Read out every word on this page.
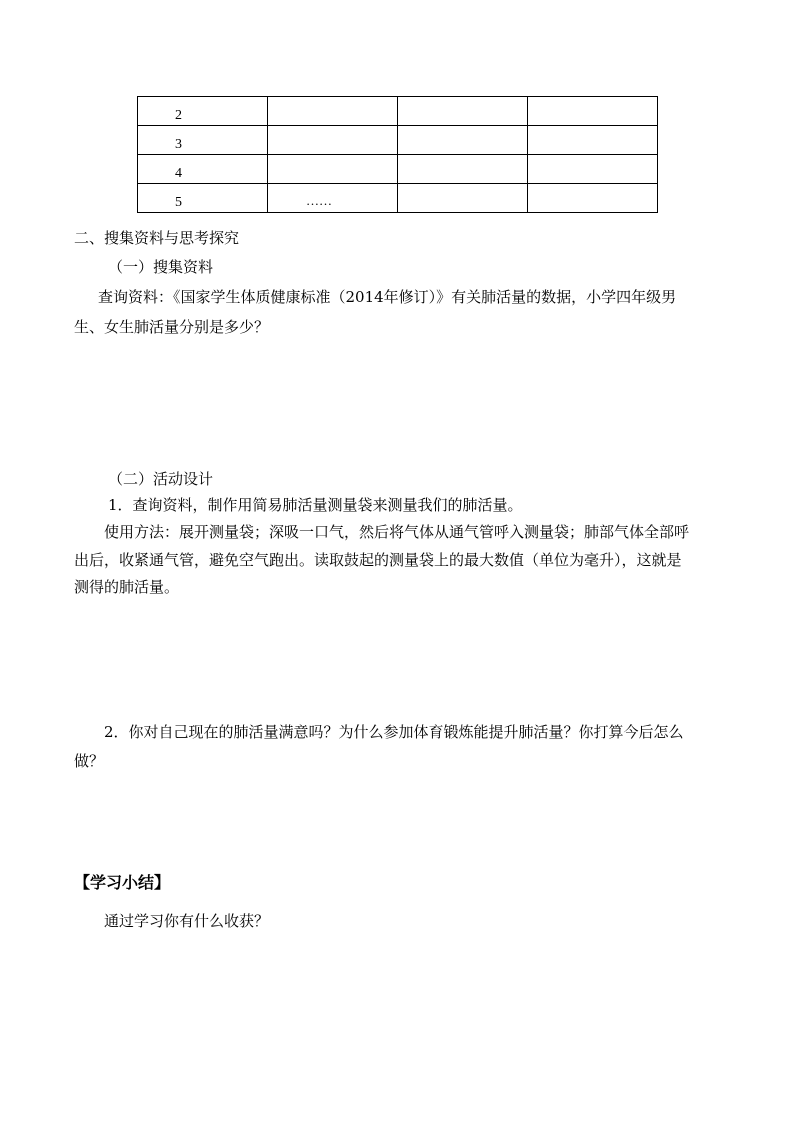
2			
3			
4			
5	……		
二、搜集资料与思考探究
（一）搜集资料
查询资料：《国家学生体质健康标准（2014年修订）》有关肺活量的数据，小学四年级男
生、女生肺活量分别是多少？
（二）活动设计
1．查询资料，制作用简易肺活量测量袋来测量我们的肺活量。
使用方法：展开测量袋；深吸一口气，然后将气体从通气管呼入测量袋；肺部气体全部呼
出后，收紧通气管，避免空气跑出。读取鼓起的测量袋上的最大数值（单位为毫升），这就是
测得的肺活量。
2．你对自己现在的肺活量满意吗？为什么参加体育锻炼能提升肺活量？你打算今后怎么
做？
【学习小结】
通过学习你有什么收获？
